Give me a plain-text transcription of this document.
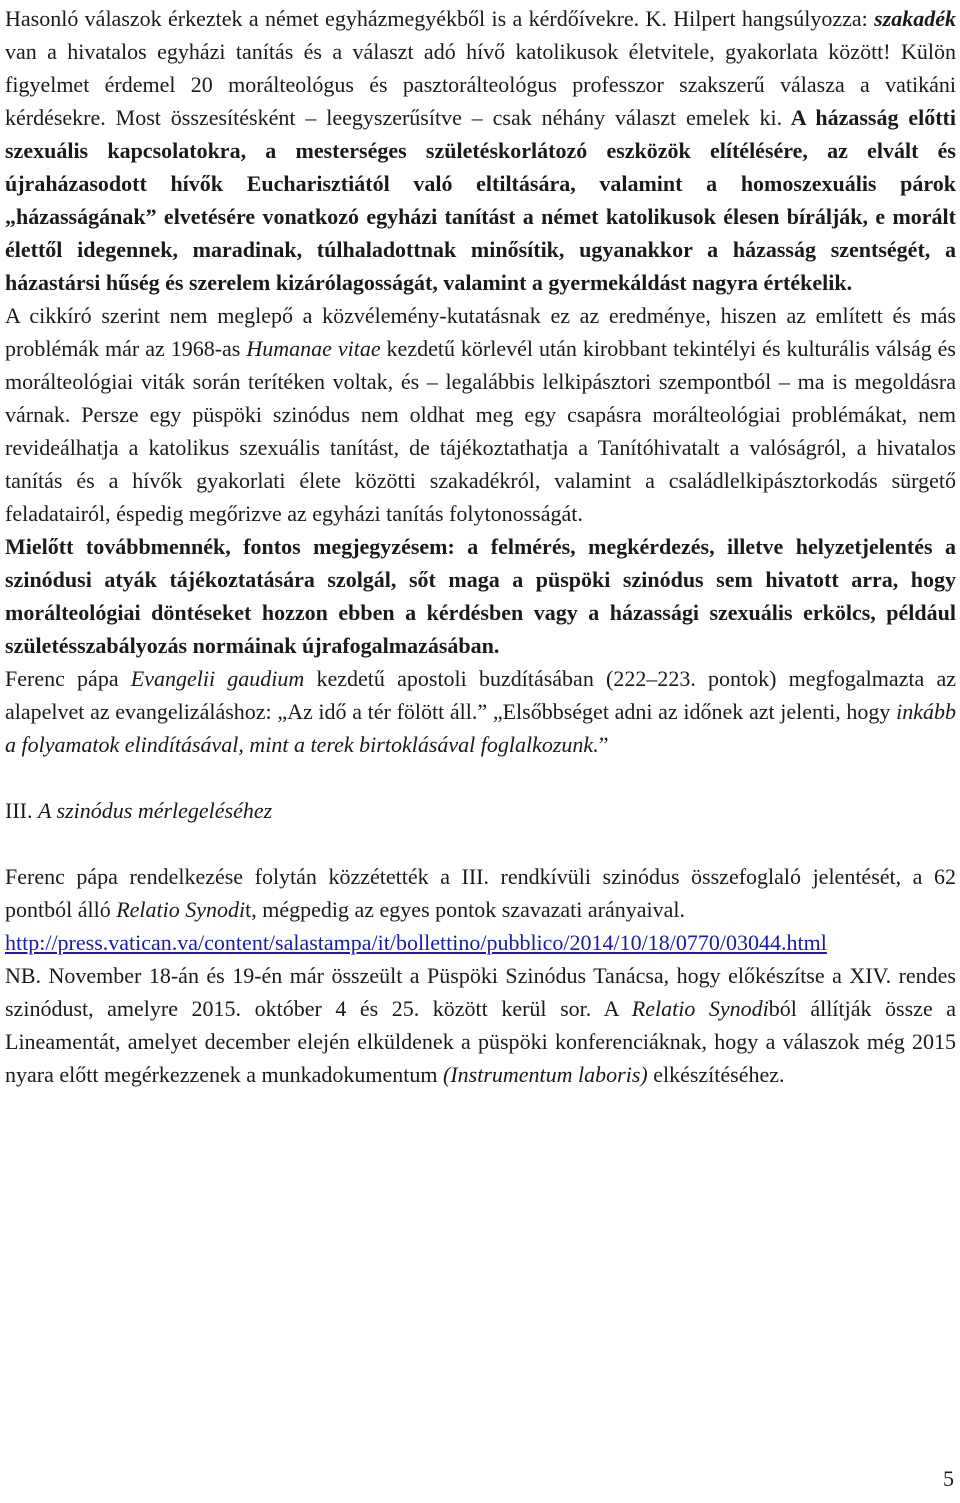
Hasonló válaszok érkeztek a német egyházmegyékből is a kérdőívekre. K. Hilpert hangsúlyozza: szakadék van a hivatalos egyházi tanítás és a választ adó hívő katolikusok életvitele, gyakorlata között! Külön figyelmet érdemel 20 morálteológus és pasztorálteológus professzor szakszerű válasza a vatikáni kérdésekre. Most összesítésként – leegyszerűsítve – csak néhány választ emelek ki. A házasság előtti szexuális kapcsolatokra, a mesterséges születéskorlátozó eszközök elítélésére, az elvált és újraházasodott hívők Eucharisztiától való eltiltására, valamint a homoszexuális párok „házasságának” elvetésére vonatkozó egyházi tanítást a német katolikusok élesen bírálják, e morált élettől idegennek, maradinak, túlhaladottnak minősítik, ugyanakkor a házasság szentségét, a házastársi hűség és szerelem kizárólagosságát, valamint a gyermekáldást nagyra értékelik.

A cikkíró szerint nem meglepő a közvélemény-kutatásnak ez az eredménye, hiszen az említett és más problémák már az 1968-as Humanae vitae kezdetű körlevél után kirobbant tekintélyi és kulturális válság és morálteológiai viták során terítéken voltak, és – legalábbis lelkipásztori szempontból – ma is megoldásra várnak. Persze egy püspöki szinódus nem oldhat meg egy csapásra morálteológiai problémákat, nem revideálhatja a katolikus szexuális tanítást, de tájékoztathatja a Tanítóhivatalt a valóságról, a hivatalos tanítás és a hívők gyakorlati élete közötti szakadékról, valamint a családlelkipásztorkodás sürgető feladatairól, éspedig megőrizve az egyházi tanítás folytonosságát.

Mielőtt továbbmennék, fontos megjegyzésem: a felmérés, megkérdezés, illetve helyzetjelentés a szinódusi atyák tájékoztatására szolgál, sőt maga a püspöki szinódus sem hivatott arra, hogy morálteológiai döntéseket hozzon ebben a kérdésben vagy a házassági szexuális erkölcs, például születésszabályozás normáinak újrafogalmazásában.

Ferenc pápa Evangelii gaudium kezdetű apostoli buzdításában (222–223. pontok) megfogalmazta az alapelvet az evangelizáláshoz: „Az idő a tér fölött áll.” „Elsőbbséget adni az időnek azt jelenti, hogy inkább a folyamatok elindításával, mint a terek birtoklásával foglalkozunk.”

III. A szinódus mérlegeléséhez

Ferenc pápa rendelkezése folytán közzétették a III. rendkívüli szinódus összefoglaló jelentését, a 62 pontból álló Relatio Synodit, mégpedig az egyes pontok szavazati arányaival.

http://press.vatican.va/content/salastampa/it/bollettino/pubblico/2014/10/18/0770/03044.html

NB. November 18-án és 19-én már összeült a Püspöki Szinódus Tanácsa, hogy előkészítse a XIV. rendes szinódust, amelyre 2015. október 4 és 25. között kerül sor. A Relatio Synodiból állítják össze a Lineamentát, amelyet december elején elküldenek a püspöki konferenciáknak, hogy a válaszok még 2015 nyara előtt megérkezzenek a munkadokumentum (Instrumentum laboris) elkészítéséhez.

5
